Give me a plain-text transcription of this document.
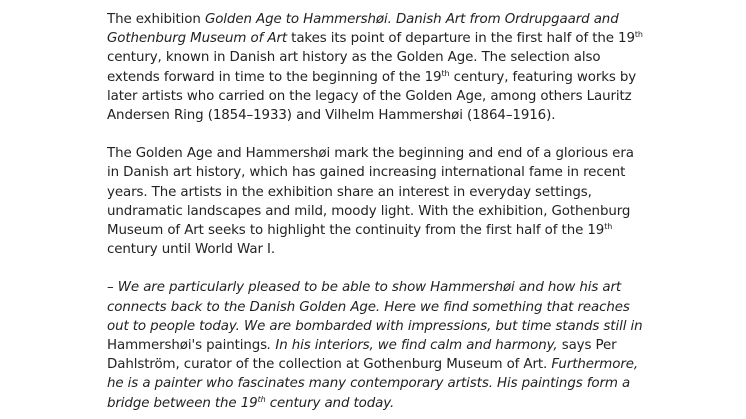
The exhibition Golden Age to Hammershøi. Danish Art from Ordrupgaard and Gothenburg Museum of Art takes its point of departure in the first half of the 19th century, known in Danish art history as the Golden Age. The selection also extends forward in time to the beginning of the 19th century, featuring works by later artists who carried on the legacy of the Golden Age, among others Lauritz Andersen Ring (1854–1933) and Vilhelm Hammershøi (1864–1916).

The Golden Age and Hammershøi mark the beginning and end of a glorious era in Danish art history, which has gained increasing international fame in recent years. The artists in the exhibition share an interest in everyday settings, undramatic landscapes and mild, moody light. With the exhibition, Gothenburg Museum of Art seeks to highlight the continuity from the first half of the 19th century until World War I.

– We are particularly pleased to be able to show Hammershøi and how his art connects back to the Danish Golden Age. Here we find something that reaches out to people today. We are bombarded with impressions, but time stands still in Hammershøi's paintings. In his interiors, we find calm and harmony, says Per Dahlström, curator of the collection at Gothenburg Museum of Art. Furthermore, he is a painter who fascinates many contemporary artists. His paintings form a bridge between the 19th century and today.
